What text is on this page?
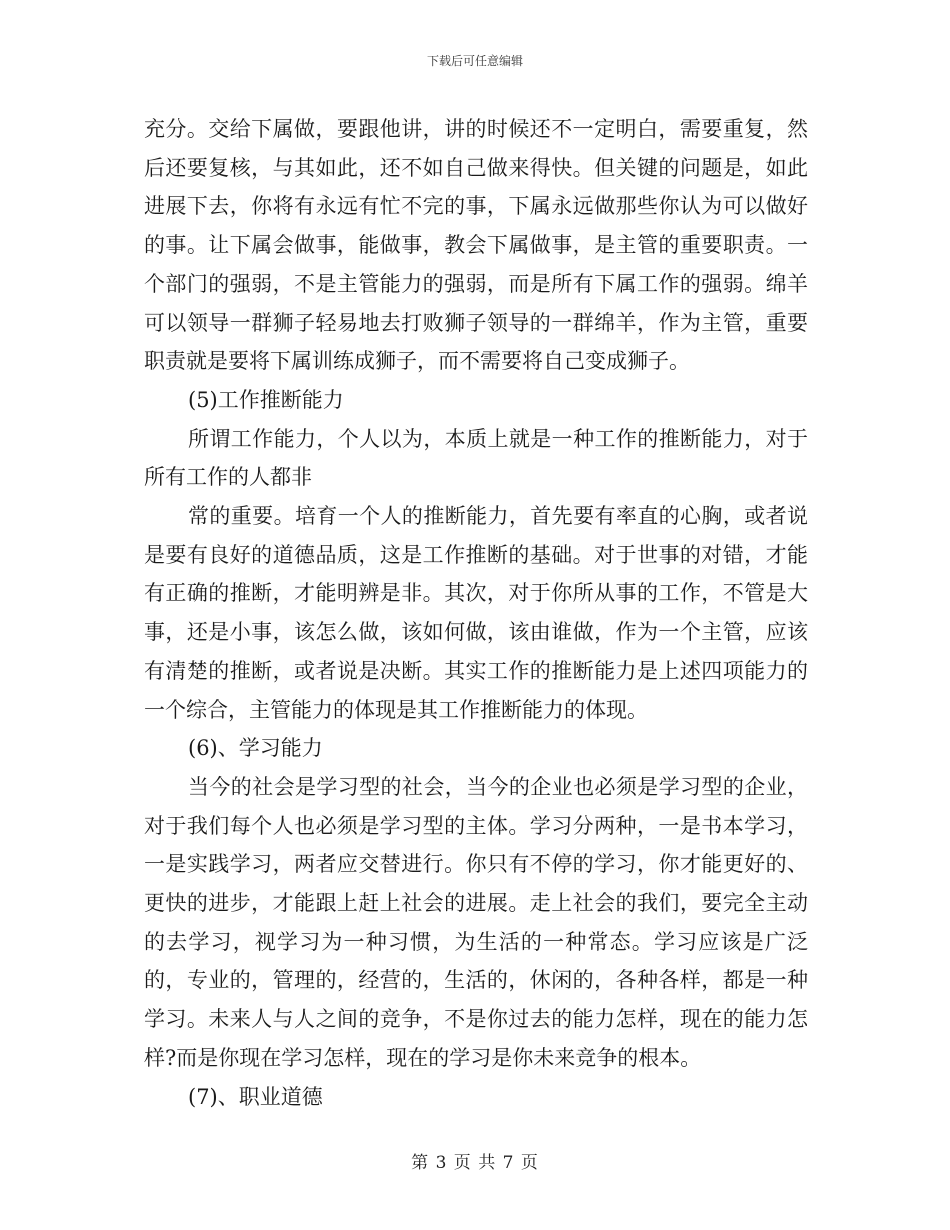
下载后可任意编辑

充分。交给下属做，要跟他讲，讲的时候还不一定明白，需要重复，然后还要复核，与其如此，还不如自己做来得快。但关键的问题是，如此进展下去，你将有永远有忙不完的事，下属永远做那些你认为可以做好的事。让下属会做事，能做事，教会下属做事，是主管的重要职责。一个部门的强弱，不是主管能力的强弱，而是所有下属工作的强弱。绵羊可以领导一群狮子轻易地去打败狮子领导的一群绵羊，作为主管，重要职责就是要将下属训练成狮子，而不需要将自己变成狮子。

(5)工作推断能力

所谓工作能力，个人以为，本质上就是一种工作的推断能力，对于所有工作的人都非

常的重要。培育一个人的推断能力，首先要有率直的心胸，或者说是要有良好的道德品质，这是工作推断的基础。对于世事的对错，才能有正确的推断，才能明辨是非。其次，对于你所从事的工作，不管是大事，还是小事，该怎么做，该如何做，该由谁做，作为一个主管，应该有清楚的推断，或者说是决断。其实工作的推断能力是上述四项能力的一个综合，主管能力的体现是其工作推断能力的体现。

(6)、学习能力

当今的社会是学习型的社会，当今的企业也必须是学习型的企业，对于我们每个人也必须是学习型的主体。学习分两种，一是书本学习，一是实践学习，两者应交替进行。你只有不停的学习，你才能更好的、更快的进步，才能跟上赶上社会的进展。走上社会的我们，要完全主动的去学习，视学习为一种习惯，为生活的一种常态。学习应该是广泛的，专业的，管理的，经营的，生活的，休闲的，各种各样，都是一种学习。未来人与人之间的竞争，不是你过去的能力怎样，现在的能力怎样?而是你现在学习怎样，现在的学习是你未来竞争的根本。

(7)、职业道德

第 3 页 共 7 页
